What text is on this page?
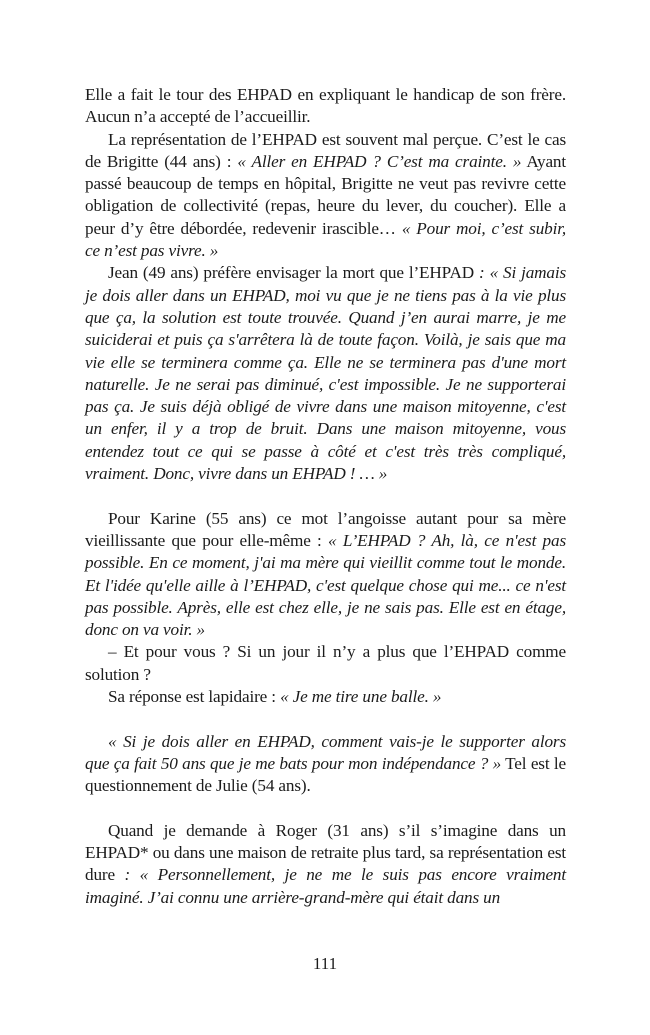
Elle a fait le tour des EHPAD en expliquant le handicap de son frère. Aucun n’a accepté de l’accueillir.

La représentation de l’EHPAD est souvent mal perçue. C’est le cas de Brigitte (44 ans) : « Aller en EHPAD ? C’est ma crainte. » Ayant passé beaucoup de temps en hôpital, Brigitte ne veut pas revivre cette obligation de collectivité (repas, heure du lever, du coucher). Elle a peur d’y être débordée, redevenir irascible… « Pour moi, c’est subir, ce n’est pas vivre. »

Jean (49 ans) préfère envisager la mort que l’EHPAD : « Si jamais je dois aller dans un EHPAD, moi vu que je ne tiens pas à la vie plus que ça, la solution est toute trouvée. Quand j’en aurai marre, je me suiciderai et puis ça s'arrêtera là de toute façon. Voilà, je sais que ma vie elle se terminera comme ça. Elle ne se terminera pas d'une mort naturelle. Je ne serai pas diminué, c'est impossible. Je ne supporterai pas ça. Je suis déjà obligé de vivre dans une maison mitoyenne, c'est un enfer, il y a trop de bruit. Dans une maison mitoyenne, vous entendez tout ce qui se passe à côté et c'est très très compliqué, vraiment. Donc, vivre dans un EHPAD ! … »

Pour Karine (55 ans) ce mot l’angoisse autant pour sa mère vieillissante que pour elle-même : « L’EHPAD ? Ah, là, ce n'est pas possible. En ce moment, j'ai ma mère qui vieillit comme tout le monde. Et l'idée qu'elle aille à l’EHPAD, c'est quelque chose qui me... ce n'est pas possible. Après, elle est chez elle, je ne sais pas. Elle est en étage, donc on va voir. »

– Et pour vous ? Si un jour il n’y a plus que l’EHPAD comme solution ?

Sa réponse est lapidaire : « Je me tire une balle. »

« Si je dois aller en EHPAD, comment vais-je le supporter alors que ça fait 50 ans que je me bats pour mon indépendance ? » Tel est le questionnement de Julie (54 ans).

Quand je demande à Roger (31 ans) s’il s’imagine dans un EHPAD* ou dans une maison de retraite plus tard, sa représentation est dure : « Personnellement, je ne me le suis pas encore vraiment imaginé. J’ai connu une arrière-grand-mère qui était dans un

111
